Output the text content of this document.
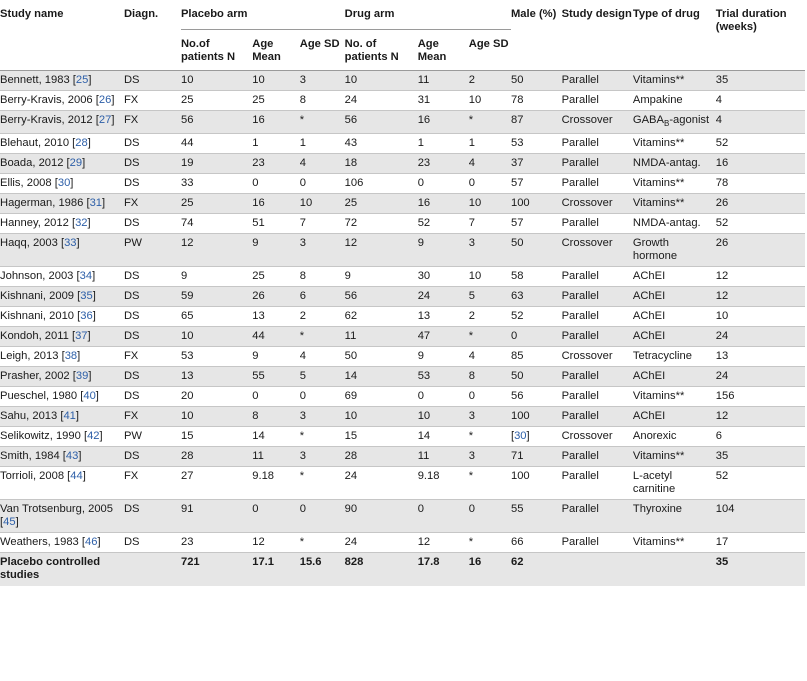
Study name	Diagn.	Placebo arm			Drug arm			Male (%)	Study design	Type of drug	Trial duration (weeks)
		No.of patients N	Age Mean	Age SD	No. of patients N	Age Mean	Age SD				
Bennett, 1983 [25]	DS	10	10	3	10	11	2	50	Parallel	Vitamins**	35
Berry-Kravis, 2006 [26]	FX	25	25	8	24	31	10	78	Parallel	Ampakine	4
Berry-Kravis, 2012 [27]	FX	56	16	*	56	16	*	87	Crossover	$GABA_B$-agonist	4
Blehaut, 2010 [28]	DS	44	1	1	43	1	1	53	Parallel	Vitamins**	52
Boada, 2012 [29]	DS	19	23	4	18	23	4	37	Parallel	NMDA-antag.	16
Ellis, 2008 [30]	DS	33	0	0	106	0	0	57	Parallel	Vitamins**	78
Hagerman, 1986 [31]	FX	25	16	10	25	16	10	100	Crossover	Vitamins**	26
Hanney, 2012 [32]	DS	74	51	7	72	52	7	57	Parallel	NMDA-antag.	52
Haqq, 2003 [33]	PW	12	9	3	12	9	3	50	Crossover	Growth hormone	26
Johnson, 2003 [34]	DS	9	25	8	9	30	10	58	Parallel	AChEI	12
Kishnani, 2009 [35]	DS	59	26	6	56	24	5	63	Parallel	AChEI	12
Kishnani, 2010 [36]	DS	65	13	2	62	13	2	52	Parallel	AChEI	10
Kondoh, 2011 [37]	DS	10	44	*	11	47	*	0	Parallel	AChEI	24
Leigh, 2013 [38]	FX	53	9	4	50	9	4	85	Crossover	Tetracycline	13
Prasher, 2002 [39]	DS	13	55	5	14	53	8	50	Parallel	AChEI	24
Pueschel, 1980 [40]	DS	20	0	0	69	0	0	56	Parallel	Vitamins**	156
Sahu, 2013 [41]	FX	10	8	3	10	10	3	100	Parallel	AChEI	12
Selikowitz, 1990 [42]	PW	15	14	*	15	14	*	[30]	Crossover	Anorexic	6
Smith, 1984 [43]	DS	28	11	3	28	11	3	71	Parallel	Vitamins**	35
Torrioli, 2008 [44]	FX	27	9.18	*	24	9.18	*	100	Parallel	L-acetyl carnitine	52
Van Trotsenburg, 2005 [45]	DS	91	0	0	90	0	0	55	Parallel	Thyroxine	104
Weathers, 1983 [46]	DS	23	12	*	24	12	*	66	Parallel	Vitamins**	17
Placebo controlled studies		721	17.1	15.6	828	17.8	16	62			35
